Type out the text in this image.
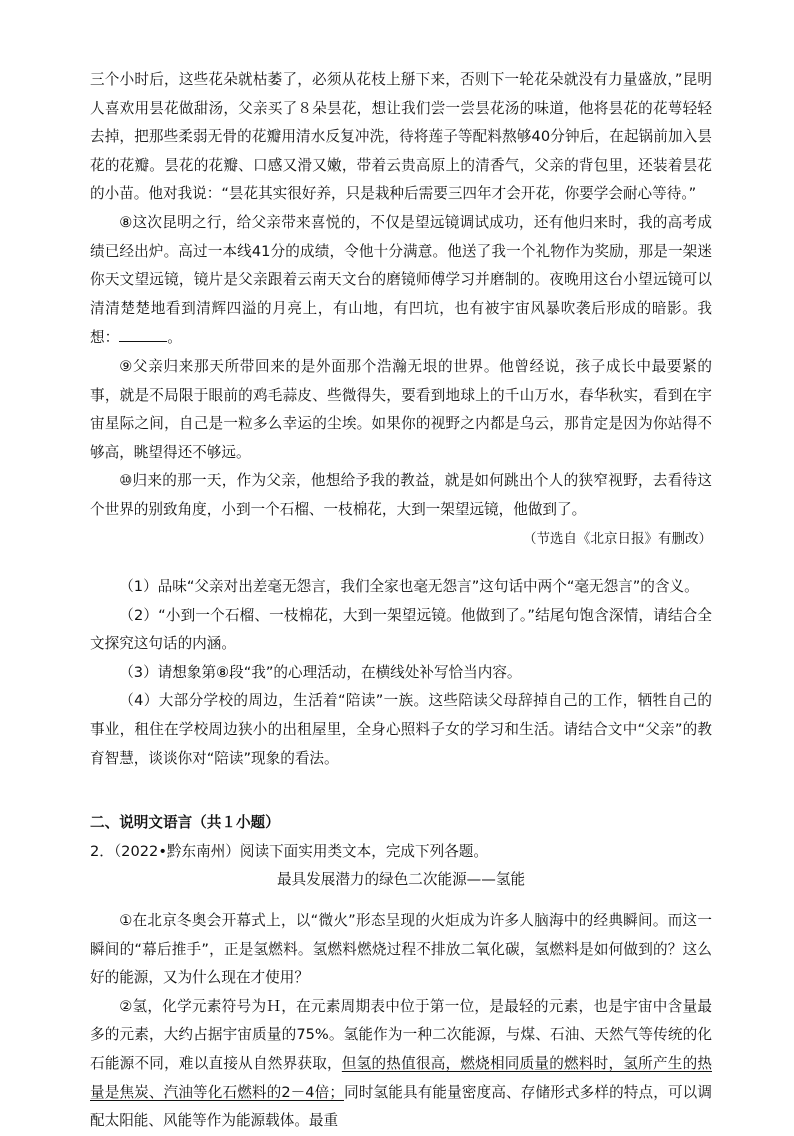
三个小时后，这些花朵就枯萎了，必须从花枝上掰下来，否则下一轮花朵就没有力量盛放，”昆明人喜欢用昙花做甜汤，父亲买了８朵昙花，想让我们尝一尝昙花汤的味道，他将昙花的花萼轻轻去掉，把那些柔弱无骨的花瓣用清水反复冲洗，待将莲子等配料熬够40分钟后，在起锅前加入昙花的花瓣。昙花的花瓣、口感又滑又嫩，带着云贵高原上的清香气，父亲的背包里，还装着昙花的小苗。他对我说：“昙花其实很好养，只是栽种后需要三四年才会开花，你要学会耐心等待。”

⑧这次昆明之行，给父亲带来喜悦的，不仅是望远镜调试成功，还有他归来时，我的高考成绩已经出炉。高过一本线41分的成绩，令他十分满意。他送了我一个礼物作为奖励，那是一架迷你天文望远镜，镜片是父亲跟着云南天文台的磨镜师傅学习并磨制的。夜晚用这台小望远镜可以清清楚楚地看到清辉四溢的月亮上，有山地，有凹坑，也有被宇宙风暴吹袭后形成的暗影。我想：	。

⑨父亲归来那天所带回来的是外面那个浩瀚无垠的世界。他曾经说，孩子成长中最要紧的事，就是不局限于眼前的鸡毛蒜皮、些微得失，要看到地球上的千山万水，春华秋实，看到在宇宙星际之间，自己是一粒多么幸运的尘埃。如果你的视野之内都是乌云，那肯定是因为你站得不够高，眺望得还不够远。

⑩归来的那一天，作为父亲，他想给予我的教益，就是如何跳出个人的狭窄视野，去看待这个世界的别致角度，小到一个石榴、一枝棉花，大到一架望远镜，他做到了。

（节选自《北京日报》有删改）

（1）品味“父亲对出差毫无怨言，我们全家也毫无怨言”这句话中两个“毫无怨言”的含义。

（2）“小到一个石榴、一枝棉花，大到一架望远镜。他做到了。”结尾句饱含深情，请结合全文探究这句话的内涵。

（3）请想象第⑧段“我”的心理活动，在横线处补写恰当内容。

（4）大部分学校的周边，生活着“陪读”一族。这些陪读父母辞掉自己的工作，牺牲自己的事业，租住在学校周边狭小的出租屋里，全身心照料子女的学习和生活。请结合文中“父亲”的教育智慧，谈谈你对“陪读”现象的看法。

二、说明文语言（共１小题）

2．（2022•黔东南州）阅读下面实用类文本，完成下列各题。

最具发展潜力的绿色二次能源——氢能

①在北京冬奥会开幕式上，以“微火”形态呈现的火炬成为许多人脑海中的经典瞬间。而这一瞬间的“幕后推手”，正是氢燃料。氢燃料燃烧过程不排放二氧化碳，氢燃料是如何做到的？这么好的能源，又为什么现在才使用？

②氢，化学元素符号为Ｈ，在元素周期表中位于第一位，是最轻的元素，也是宇宙中含量最多的元素，大约占据宇宙质量的75%。氢能作为一种二次能源，与煤、石油、天然气等传统的化石能源不同，难以直接从自然界获取，但氢的热值很高，燃烧相同质量的燃料时，氢所产生的热量是焦炭、汽油等化石燃料的2－4倍；同时氢能具有能量密度高、存储形式多样的特点，可以调配太阳能、风能等作为能源载体。最重
